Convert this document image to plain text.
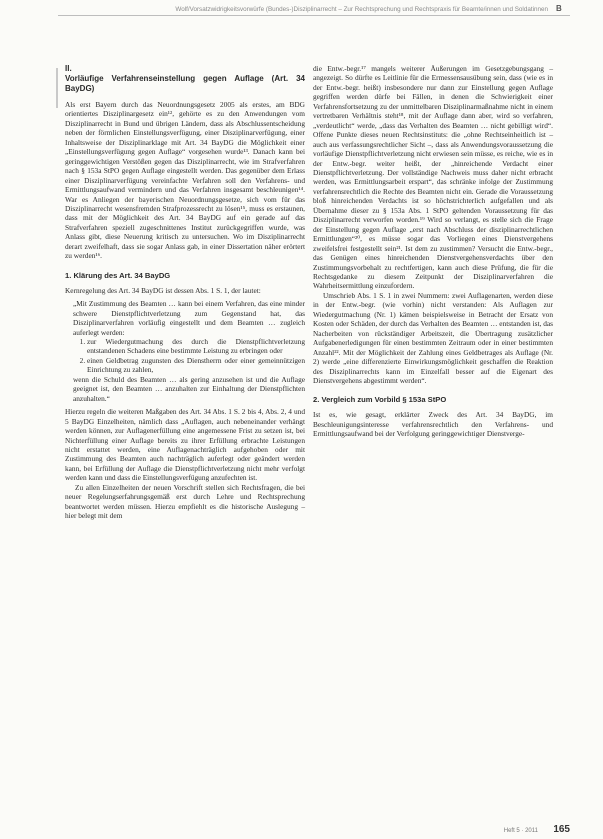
Wolf/Vorsatzwidrigkeitsvorwürfe (Bundes-)Disziplinarrecht – Zur Rechtsprechung und Rechtspraxis für Beamte/innen und Soldatinnen B
II.
Vorläufige Verfahrenseinstellung gegen Auflage (Art. 34 BayDG)

Als erst Bayern durch das Neuordnungsgesetz 2005 als erstes, am BDG orientiertes Disziplinargesetz ein¹², gehörte es zu den Anwendungen vom Disziplinarrecht in Bund und übrigen Ländern, dass als Abschlussentscheidung neben der förmlichen Einstellungsverfügung, einer Disziplinarverfügung, einer Inhaltsweise der Disziplinarklage mit Art. 34 BayDG die Möglichkeit einer „Einstellungsverfügung gegen Auflage“ vorgesehen wurde¹³. Danach kann bei geringgewichtigen Verstößen gegen das Disziplinarrecht, wie im Strafverfahren nach § 153a StPO gegen Auflage eingestellt werden. Das gegenüber dem Erlass einer Disziplinarverfügung vereinfachte Verfahren soll den Verfahrens- und Ermittlungsaufwand vermindern und das Verfahren insgesamt beschleunigen¹⁴. War es Anliegen der bayerischen Neuordnungsgesetze, sich vom für das Disziplinarrecht wesensfremden Strafprozessrecht zu lösen¹⁵, muss es erstaunen, dass mit der Möglichkeit des Art. 34 BayDG auf ein gerade auf das Strafverfahren speziell zugeschnittenes Institut zurückgegriffen wurde, was Anlass gibt, diese Neuerung kritisch zu untersuchen. Wo im Disziplinarrecht derart zweifelhaft, dass sie sogar Anlass gab, in einer Dissertation näher erörtert zu werden¹⁶.

1. Klärung des Art. 34 BayDG

Kernregelung des Art. 34 BayDG ist dessen Abs. 1 S. 1, der lautet:

„Mit Zustimmung des Beamten … kann bei einem Verfahren, das eine minder schwere Dienstpflichtverletzung zum Gegenstand hat, das Disziplinarverfahren vorläufig eingestellt und dem Beamten … zugleich auferlegt werden:

1. zur Wiedergutmachung des durch die Dienstpflichtverletzung entstandenen Schadens eine bestimmte Leistung zu erbringen oder
2. einen Geldbetrag zugunsten des Dienstherrn oder einer gemeinnützigen Einrichtung zu zahlen,

wenn die Schuld des Beamten … als gering anzusehen ist und die Auflage geeignet ist, den Beamten … anzuhalten zur Einhaltung der Dienstpflichten anzuhalten.“

Hierzu regeln die weiteren Maßgaben des Art. 34 Abs. 1 S. 2 bis 4, Abs. 2, 4 und 5 BayDG Einzelheiten, nämlich dass „Auflagen, auch nebeneinander verhängt werden können, zur Auflagenerfüllung eine angemessene Frist zu setzen ist, bei Nichterfüllung einer Auflage bereits zu ihrer Erfüllung erbrachte Leistungen nicht erstattet werden, eine Auflagenachträglich aufgehoben oder mit Zustimmung des Beamten auch nachträglich auferlegt oder geändert werden kann, bei Erfüllung der Auflage die Dienstpflichtverletzung nicht mehr verfolgt werden kann und dass die Einstellungsverfügung anzufechten ist.

Zu allen Einzelheiten der neuen Vorschrift stellen sich Rechtsfragen, die bei neuer Regelungserfahrungsgemäß erst durch Lehre und Rechtsprechung beantwortet werden müssen. Hierzu empfiehlt es die historische Auslegung – hier belegt mit dem

die Entw.-begr.¹⁷ mangels weiterer Äußerungen im Gesetzgebungsgang – angezeigt. So dürfte es Leitlinie für die Ermessensausübung sein, dass (wie es in der Entw.-begr. heißt) insbesondere nur dann zur Einstellung gegen Auflage gegriffen werden dürfe bei Fällen, in denen die Schwierigkeit einer Verfahrensfortsetzung zu der unmittelbaren Disziplinarmaßnahme nicht in einem vertretbaren Verhältnis steht¹⁸, mit der Auflage dann aber, wird so verfahren, „verdeutlicht“ werde, „dass das Verhalten des Beamten … nicht gebilligt wird“. Offene Punkte dieses neuen Rechtsinstituts: die „ohne Rechtseinheitlich ist – auch aus verfassungsrechtlicher Sicht –, dass als Anwendungsvoraussetzung die vorläufige Dienstpflichtverletzung nicht erwiesen sein müsse, es reiche, wie es in der Entw.-begr. weiter heißt, der „hinreichende Verdacht einer Dienstpflichtverletzung. Der vollständige Nachweis muss daher nicht erbracht werden, was Ermittlungsarbeit erspart“, das schränke infolge der Zustimmung verfahrensrechtlich die Rechte des Beamten nicht ein. Gerade die Voraussetzung bloß hinreichenden Verdachts ist so höchstrichterlich aufgefallen und als Übernahme dieser zu § 153a Abs. 1 StPO geltenden Voraussetzung für das Disziplinarrecht verworfen worden.¹⁹ Wird so verlangt, es stelle sich die Frage der Einstellung gegen Auflage „erst nach Abschluss der disziplinarrechtlichen Ermittlungen“²⁰, es müsse sogar das Vorliegen eines Dienstvergehens zweifelsfrei festgestellt sein²¹. Ist dem zu zustimmen? Versucht die Entw.-begr., das Genügen eines hinreichenden Dienstvergehensverdachts über den Zustimmungsvorbehalt zu rechtfertigen, kann auch diese Prüfung, die für die Rechtsgedanke zu diesem Zeitpunkt der Disziplinarverfahren die Wahrheitsermittlung einzufordern.

Umschrieb Abs. 1 S. 1 in zwei Nummern: zwei Auflagenarten, werden diese in der Entw.-begr. (wie vorhin) nicht verstanden: Als Auflagen zur Wiedergutmachung (Nr. 1) kämen beispielsweise in Betracht der Ersatz von Kosten oder Schäden, der durch das Verhalten des Beamten … entstanden ist, das Nacherbeiten von rückständiger Arbeitszeit, die Übertragung zusätzlicher Aufgabenerledigungen für einen bestimmten Zeitraum oder in einer bestimmten Anzahl²². Mit der Möglichkeit der Zahlung eines Geldbetrages als Auflage (Nr. 2) werde „eine differenzierte Einwirkungsmöglichkeit geschaffen die Reaktion des Disziplinarrechts kann im Einzelfall besser auf die Eigenart des Dienstvergehens abgestimmt werden“.

2. Vergleich zum Vorbild § 153a StPO

Ist es, wie gesagt, erklärter Zweck des Art. 34 BayDG, im Beschleunigungsinteresse verfahrensrechtlich den Verfahrens- und Ermittlungsaufwand bei der Verfolgung geringgewichtiger Dienstverge-

Heft 5 · 2011 165
